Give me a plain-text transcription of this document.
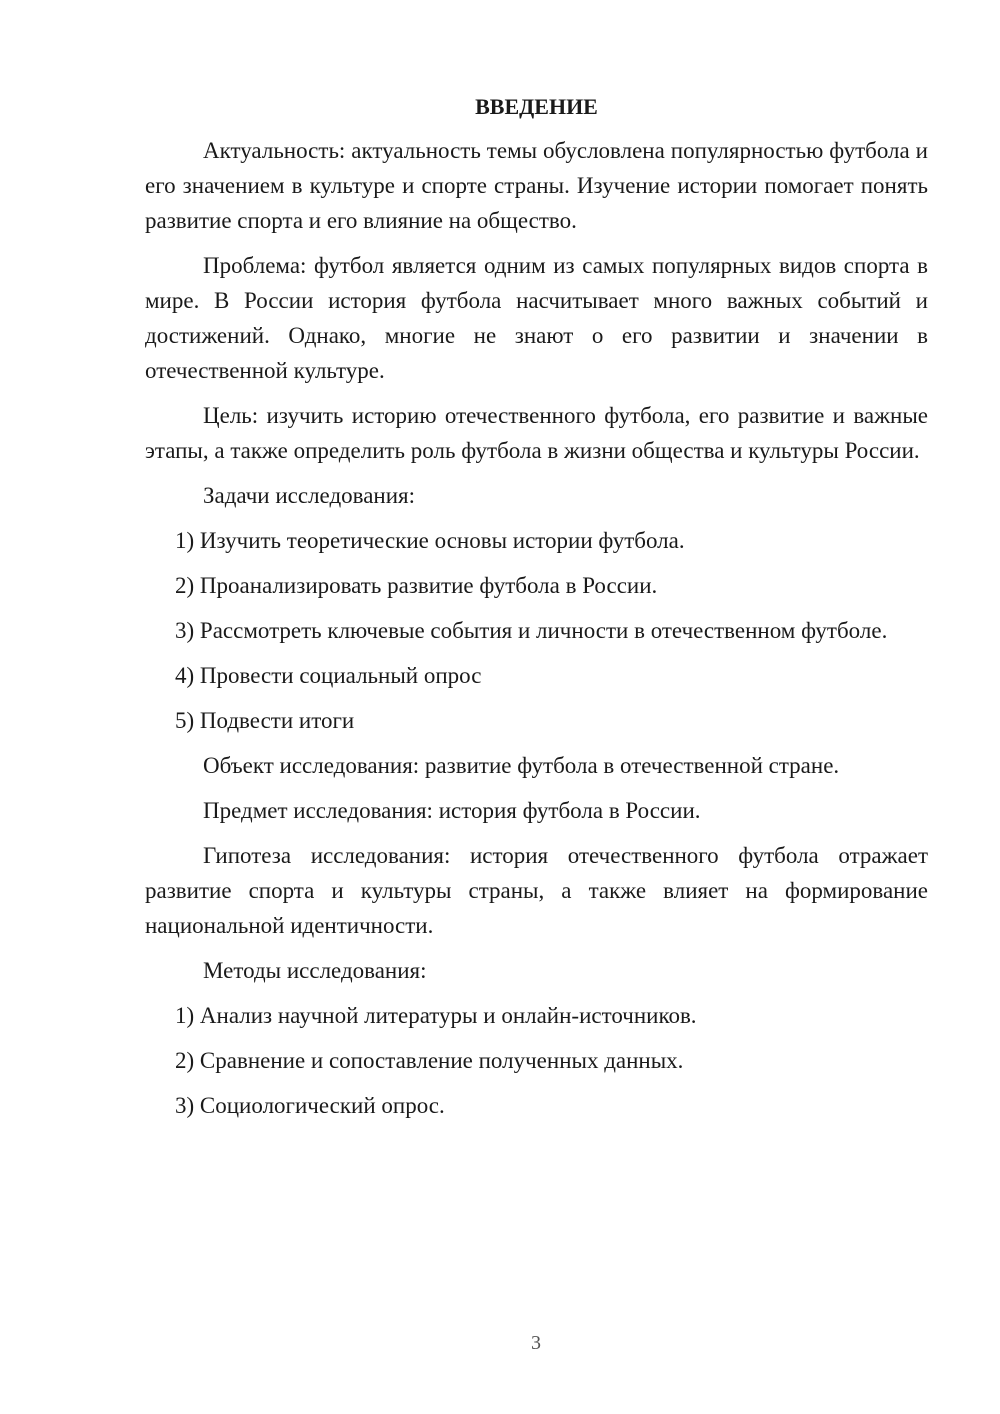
ВВЕДЕНИЕ

Актуальность: актуальность темы обусловлена популярностью футбола и его значением в культуре и спорте страны. Изучение истории помогает понять развитие спорта и его влияние на общество.

Проблема: футбол является одним из самых популярных видов спорта в мире. В России история футбола насчитывает много важных событий и достижений. Однако, многие не знают о его развитии и значении в отечественной культуре.

Цель: изучить историю отечественного футбола, его развитие и важные этапы, а также определить роль футбола в жизни общества и культуры России.

Задачи исследования:

1) Изучить теоретические основы истории футбола.

2) Проанализировать развитие футбола в России.

3) Рассмотреть ключевые события и личности в отечественном футболе.

4) Провести социальный опрос

5) Подвести итоги

Объект исследования: развитие футбола в отечественной стране.

Предмет исследования: история футбола в России.

Гипотеза исследования: история отечественного футбола отражает развитие спорта и культуры страны, а также влияет на формирование национальной идентичности.

Методы исследования:

1) Анализ научной литературы и онлайн-источников.

2) Сравнение и сопоставление полученных данных.

3) Социологический опрос.

3
